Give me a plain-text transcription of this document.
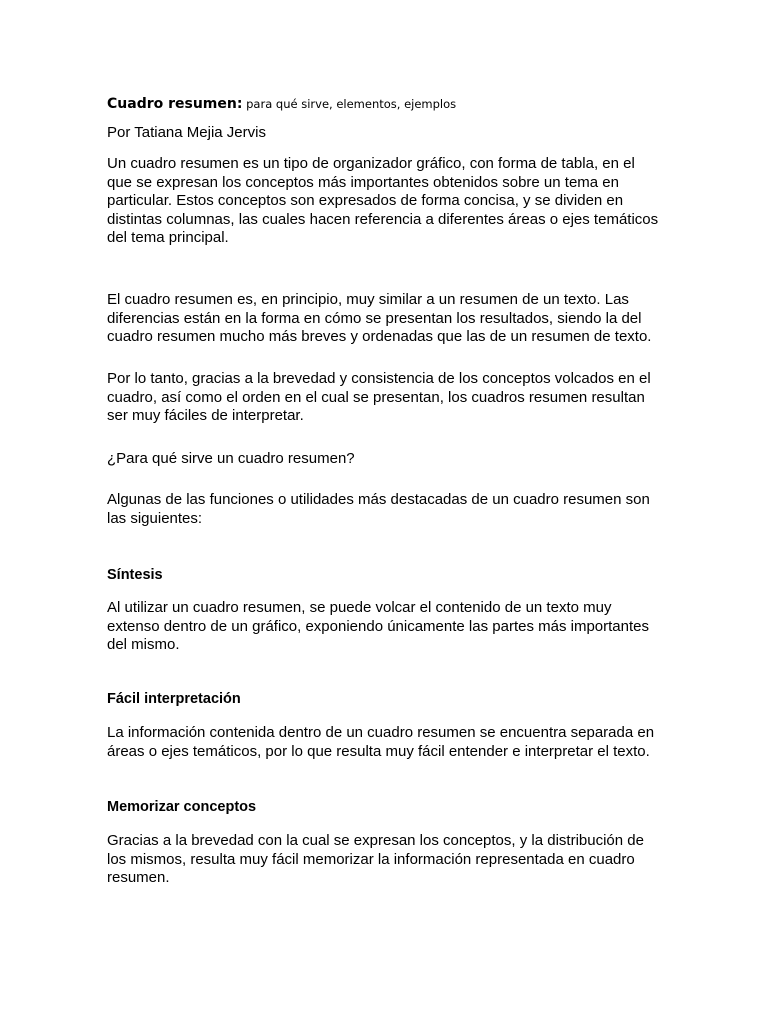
Cuadro resumen: para qué sirve, elementos, ejemplos

Por Tatiana Mejia Jervis

Un cuadro resumen es un tipo de organizador gráfico, con forma de tabla, en el que se expresan los conceptos más importantes obtenidos sobre un tema en particular. Estos conceptos son expresados de forma concisa, y se dividen en distintas columnas, las cuales hacen referencia a diferentes áreas o ejes temáticos del tema principal.

El cuadro resumen es, en principio, muy similar a un resumen de un texto. Las diferencias están en la forma en cómo se presentan los resultados, siendo la del cuadro resumen mucho más breves y ordenadas que las de un resumen de texto.

Por lo tanto, gracias a la brevedad y consistencia de los conceptos volcados en el cuadro, así como el orden en el cual se presentan, los cuadros resumen resultan ser muy fáciles de interpretar.

¿Para qué sirve un cuadro resumen?

Algunas de las funciones o utilidades más destacadas de un cuadro resumen son las siguientes:

Síntesis

Al utilizar un cuadro resumen, se puede volcar el contenido de un texto muy extenso dentro de un gráfico, exponiendo únicamente las partes más importantes del mismo.

Fácil interpretación

La información contenida dentro de un cuadro resumen se encuentra separada en áreas o ejes temáticos, por lo que resulta muy fácil entender e interpretar el texto.

Memorizar conceptos

Gracias a la brevedad con la cual se expresan los conceptos, y la distribución de los mismos, resulta muy fácil memorizar la información representada en cuadro resumen.
